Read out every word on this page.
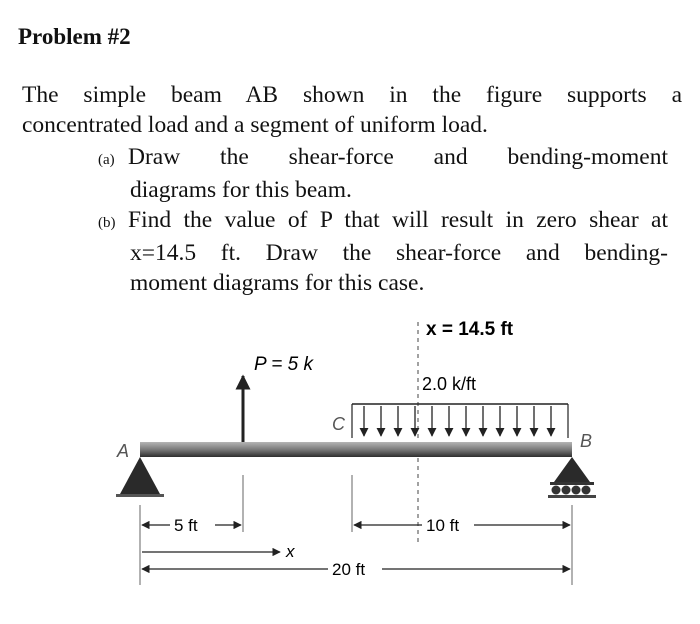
Problem #2

The simple beam AB shown in the figure supports a
concentrated load and a segment of uniform load.

(a) Draw the shear-force and bending-moment
diagrams for this beam.

(b) Find the value of P that will result in zero shear at
x=14.5 ft. Draw the shear-force and bending-
moment diagrams for this case.

x = 14.5 ft
P = 5 k
2.0 k/ft
C
A	B
5 ft
x
10 ft
20 ft
